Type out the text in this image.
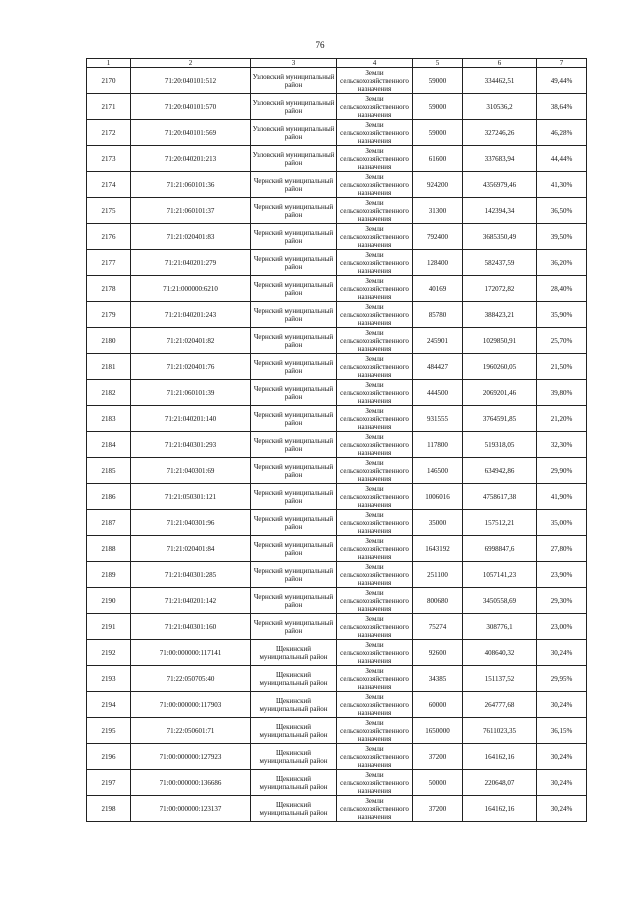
76
1	2	3	4	5	6	7
2170	71:20:040101:512	Узловский муниципальный район	Земли сельскохозяйственного назначения	59000	334462,51	49,44%
2171	71:20:040101:570	Узловский муниципальный район	Земли сельскохозяйственного назначения	59000	310536,2	38,64%
2172	71:20:040101:569	Узловский муниципальный район	Земли сельскохозяйственного назначения	59000	327246,26	46,28%
2173	71:20:040201:213	Узловский муниципальный район	Земли сельскохозяйственного назначения	61600	337683,94	44,44%
2174	71:21:060101:36	Чернский муниципальный район	Земли сельскохозяйственного назначения	924200	4356979,46	41,30%
2175	71:21:060101:37	Чернский муниципальный район	Земли сельскохозяйственного назначения	31300	142394,34	36,50%
2176	71:21:020401:83	Чернский муниципальный район	Земли сельскохозяйственного назначения	792400	3685350,49	39,50%
2177	71:21:040201:279	Чернский муниципальный район	Земли сельскохозяйственного назначения	128400	582437,59	36,20%
2178	71:21:000000:6210	Чернский муниципальный район	Земли сельскохозяйственного назначения	40169	172072,82	28,40%
2179	71:21:040201:243	Чернский муниципальный район	Земли сельскохозяйственного назначения	85780	388423,21	35,90%
2180	71:21:020401:82	Чернский муниципальный район	Земли сельскохозяйственного назначения	245901	1029850,91	25,70%
2181	71:21:020401:76	Чернский муниципальный район	Земли сельскохозяйственного назначения	484427	1960260,05	21,50%
2182	71:21:060101:39	Чернский муниципальный район	Земли сельскохозяйственного назначения	444500	2069201,46	39,80%
2183	71:21:040201:140	Чернский муниципальный район	Земли сельскохозяйственного назначения	931555	3764591,85	21,20%
2184	71:21:040301:293	Чернский муниципальный район	Земли сельскохозяйственного назначения	117800	519318,05	32,30%
2185	71:21:040301:69	Чернский муниципальный район	Земли сельскохозяйственного назначения	146500	634942,86	29,90%
2186	71:21:050301:121	Чернский муниципальный район	Земли сельскохозяйственного назначения	1006016	4758617,38	41,90%
2187	71:21:040301:96	Чернский муниципальный район	Земли сельскохозяйственного назначения	35000	157512,21	35,00%
2188	71:21:020401:84	Чернский муниципальный район	Земли сельскохозяйственного назначения	1643192	6998847,6	27,80%
2189	71:21:040301:285	Чернский муниципальный район	Земли сельскохозяйственного назначения	251100	1057141,23	23,90%
2190	71:21:040201:142	Чернский муниципальный район	Земли сельскохозяйственного назначения	800680	3450558,69	29,30%
2191	71:21:040301:160	Чернский муниципальный район	Земли сельскохозяйственного назначения	75274	308776,1	23,00%
2192	71:00:000000:117141	Щекинский муниципальный район	Земли сельскохозяйственного назначения	92600	408640,32	30,24%
2193	71:22:050705:40	Щекинский муниципальный район	Земли сельскохозяйственного назначения	34385	151137,52	29,95%
2194	71:00:000000:117903	Щекинский муниципальный район	Земли сельскохозяйственного назначения	60000	264777,68	30,24%
2195	71:22:050601:71	Щекинский муниципальный район	Земли сельскохозяйственного назначения	1650000	7611023,35	36,15%
2196	71:00:000000:127923	Щекинский муниципальный район	Земли сельскохозяйственного назначения	37200	164162,16	30,24%
2197	71:00:000000:136686	Щекинский муниципальный район	Земли сельскохозяйственного назначения	50000	220648,07	30,24%
2198	71:00:000000:123137	Щекинский муниципальный район	Земли сельскохозяйственного назначения	37200	164162,16	30,24%
